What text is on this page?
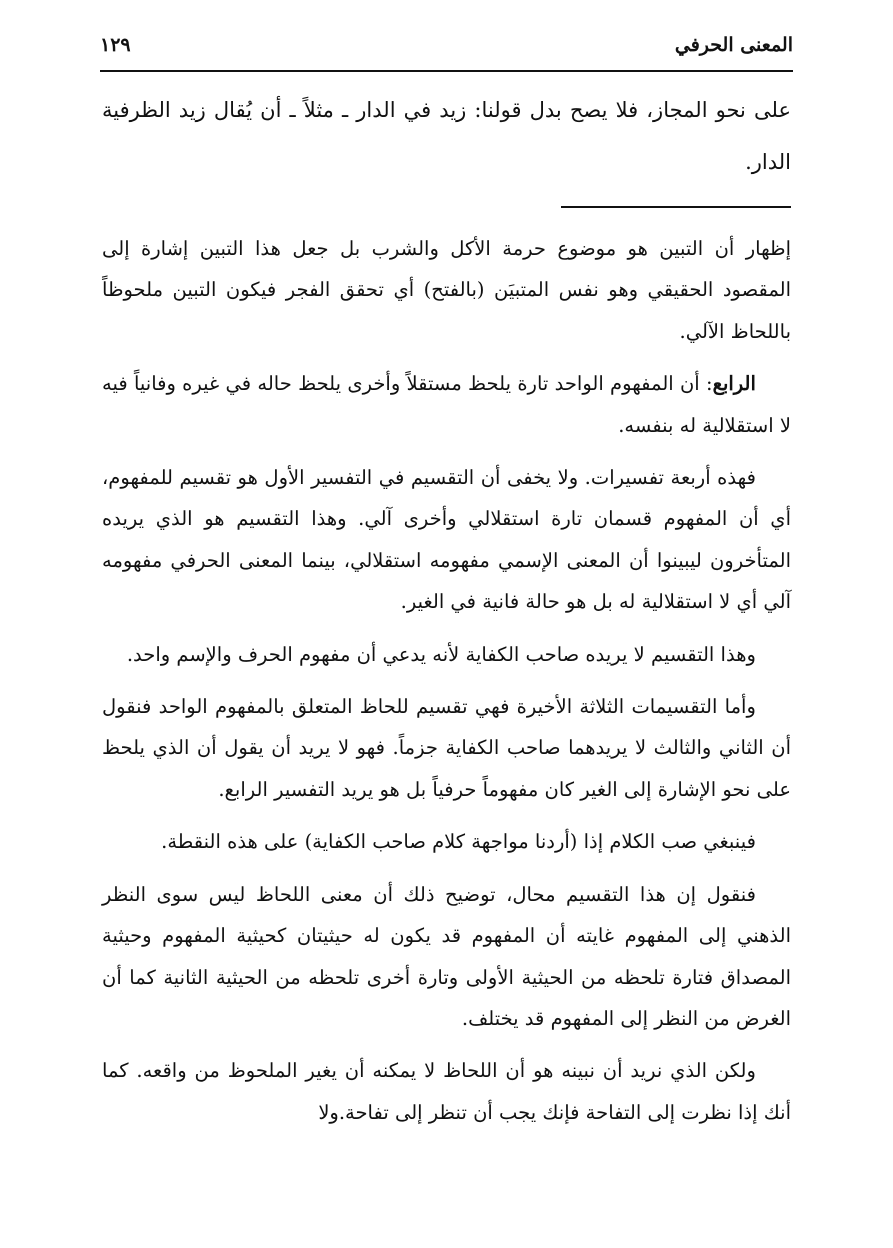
المعنى الحرفي
١٢٩

على نحو المجاز، فلا يصح بدل قولنا: زيد في الدار ـ مثلاً ـ أن يُقال زيد الظرفية الدار.

إظهار أن التبين هو موضوع حرمة الأكل والشرب بل جعل هذا التبين إشارة إلى المقصود الحقيقي وهو نفس المتبيَن (بالفتح) أي تحقق الفجر فيكون التبين ملحوظاً باللحاظ الآلي.

الرابع: أن المفهوم الواحد تارة يلحظ مستقلاً وأخرى يلحظ حاله في غيره وفانياً فيه لا استقلالية له بنفسه.

فهذه أربعة تفسيرات. ولا يخفى أن التقسيم في التفسير الأول هو تقسيم للمفهوم، أي أن المفهوم قسمان تارة استقلالي وأخرى آلي. وهذا التقسيم هو الذي يريده المتأخرون ليبينوا أن المعنى الإسمي مفهومه استقلالي، بينما المعنى الحرفي مفهومه آلي أي لا استقلالية له بل هو حالة فانية في الغير.

وهذا التقسيم لا يريده صاحب الكفاية لأنه يدعي أن مفهوم الحرف والإسم واحد.

وأما التقسيمات الثلاثة الأخيرة فهي تقسيم للحاظ المتعلق بالمفهوم الواحد فنقول أن الثاني والثالث لا يريدهما صاحب الكفاية جزماً. فهو لا يريد أن يقول أن الذي يلحظ على نحو الإشارة إلى الغير كان مفهوماً حرفياً بل هو يريد التفسير الرابع.

فينبغي صب الكلام إذا (أردنا مواجهة كلام صاحب الكفاية) على هذه النقطة.

فنقول إن هذا التقسيم محال، توضيح ذلك أن معنى اللحاظ ليس سوى النظر الذهني إلى المفهوم غايته أن المفهوم قد يكون له حيثيتان كحيثية المفهوم وحيثية المصداق فتارة تلحظه من الحيثية الأولى وتارة أخرى تلحظه من الحيثية الثانية كما أن الغرض من النظر إلى المفهوم قد يختلف.

ولكن الذي نريد أن نبينه هو أن اللحاظ لا يمكنه أن يغير الملحوظ من واقعه. كما أنك إذا نظرت إلى التفاحة فإنك يجب أن تنظر إلى تفاحة.ولا
